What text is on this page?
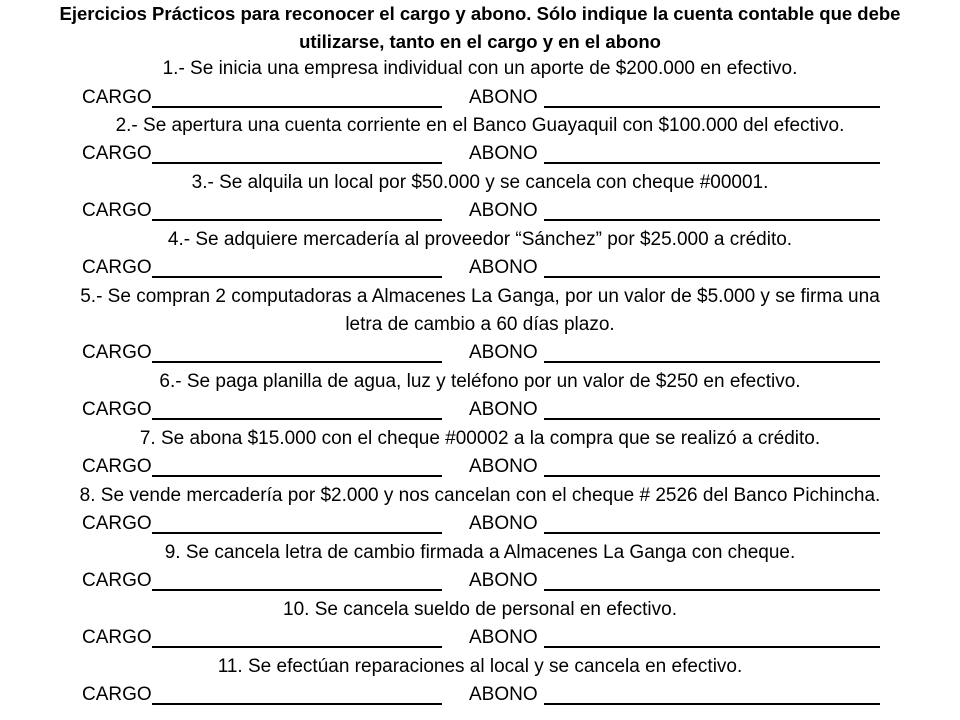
Ejercicios Prácticos para reconocer el cargo y abono. Sólo indique la cuenta contable que debe
utilizarse, tanto en el cargo y en el abono
1.- Se inicia una empresa individual con un aporte de $200.000 en efectivo.
CARGO	ABONO
2.- Se apertura una cuenta corriente en el Banco Guayaquil con $100.000 del efectivo.
CARGO	ABONO
3.- Se alquila un local por $50.000 y se cancela con cheque #00001.
CARGO	ABONO
4.- Se adquiere mercadería al proveedor “Sánchez” por $25.000 a crédito.
CARGO	ABONO
5.- Se compran 2 computadoras a Almacenes La Ganga, por un valor de $5.000 y se firma una
letra de cambio a 60 días plazo.
CARGO	ABONO
6.- Se paga planilla de agua, luz y teléfono por un valor de $250 en efectivo.
CARGO	ABONO
7. Se abona $15.000 con el cheque #00002 a la compra que se realizó a crédito.
CARGO	ABONO
8. Se vende mercadería por $2.000 y nos cancelan con el cheque # 2526 del Banco Pichincha.
CARGO	ABONO
9. Se cancela letra de cambio firmada a Almacenes La Ganga con cheque.
CARGO	ABONO
10. Se cancela sueldo de personal en efectivo.
CARGO	ABONO
11. Se efectúan reparaciones al local y se cancela en efectivo.
CARGO	ABONO
